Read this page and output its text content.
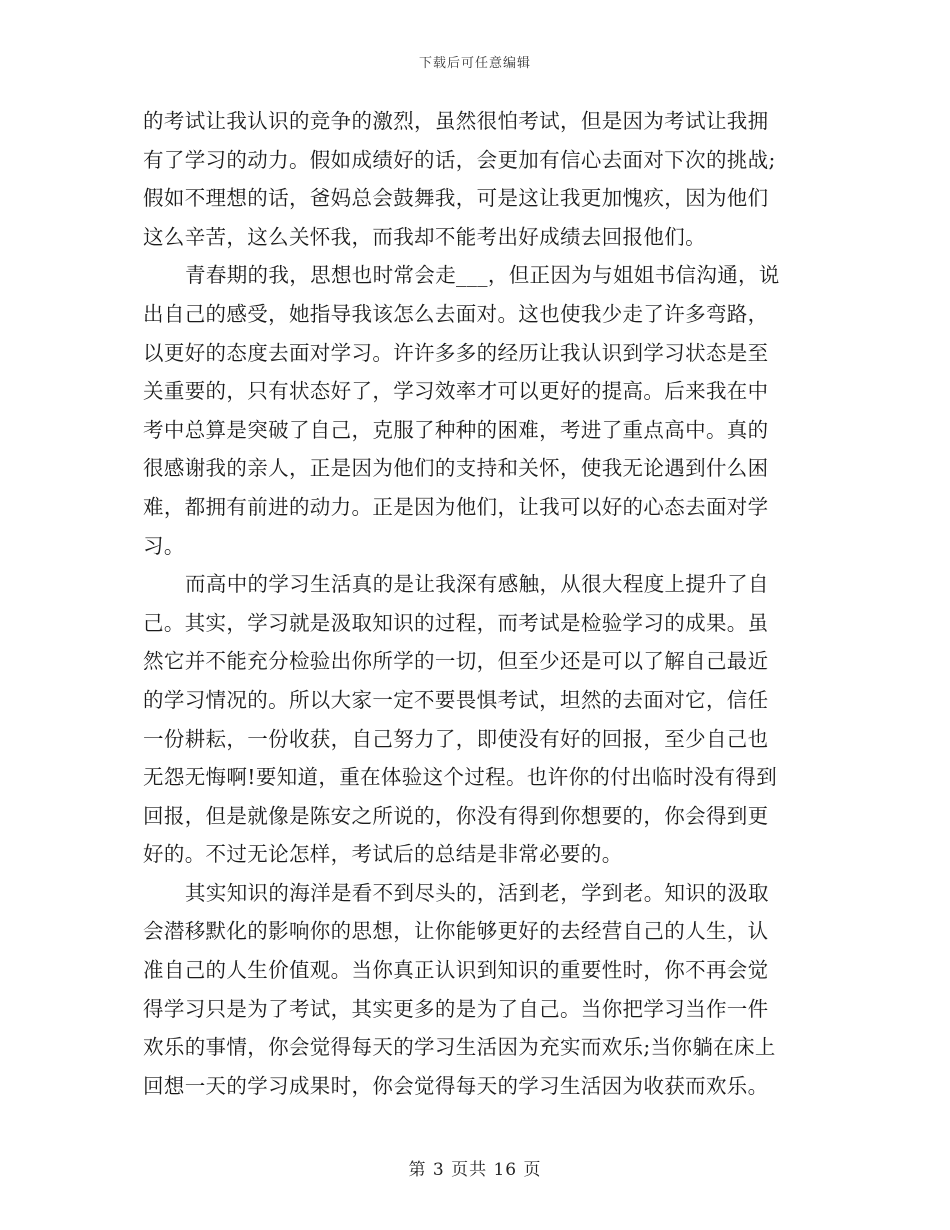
下载后可任意编辑
的考试让我认识的竞争的激烈，虽然很怕考试，但是因为考试让我拥
有了学习的动力。假如成绩好的话，会更加有信心去面对下次的挑战;
假如不理想的话，爸妈总会鼓舞我，可是这让我更加愧疚，因为他们
这么辛苦，这么关怀我，而我却不能考出好成绩去回报他们。
青春期的我，思想也时常会走___，但正因为与姐姐书信沟通，说
出自己的感受，她指导我该怎么去面对。这也使我少走了许多弯路，
以更好的态度去面对学习。许许多多的经历让我认识到学习状态是至
关重要的，只有状态好了，学习效率才可以更好的提高。后来我在中
考中总算是突破了自己，克服了种种的困难，考进了重点高中。真的
很感谢我的亲人，正是因为他们的支持和关怀，使我无论遇到什么困
难，都拥有前进的动力。正是因为他们，让我可以好的心态去面对学
习。
而高中的学习生活真的是让我深有感触，从很大程度上提升了自
己。其实，学习就是汲取知识的过程，而考试是检验学习的成果。虽
然它并不能充分检验出你所学的一切，但至少还是可以了解自己最近
的学习情况的。所以大家一定不要畏惧考试，坦然的去面对它，信任
一份耕耘，一份收获，自己努力了，即使没有好的回报，至少自己也
无怨无悔啊!要知道，重在体验这个过程。也许你的付出临时没有得到
回报，但是就像是陈安之所说的，你没有得到你想要的，你会得到更
好的。不过无论怎样，考试后的总结是非常必要的。
其实知识的海洋是看不到尽头的，活到老，学到老。知识的汲取
会潜移默化的影响你的思想，让你能够更好的去经营自己的人生，认
准自己的人生价值观。当你真正认识到知识的重要性时，你不再会觉
得学习只是为了考试，其实更多的是为了自己。当你把学习当作一件
欢乐的事情，你会觉得每天的学习生活因为充实而欢乐;当你躺在床上
回想一天的学习成果时，你会觉得每天的学习生活因为收获而欢乐。
第 3 页共 16 页
